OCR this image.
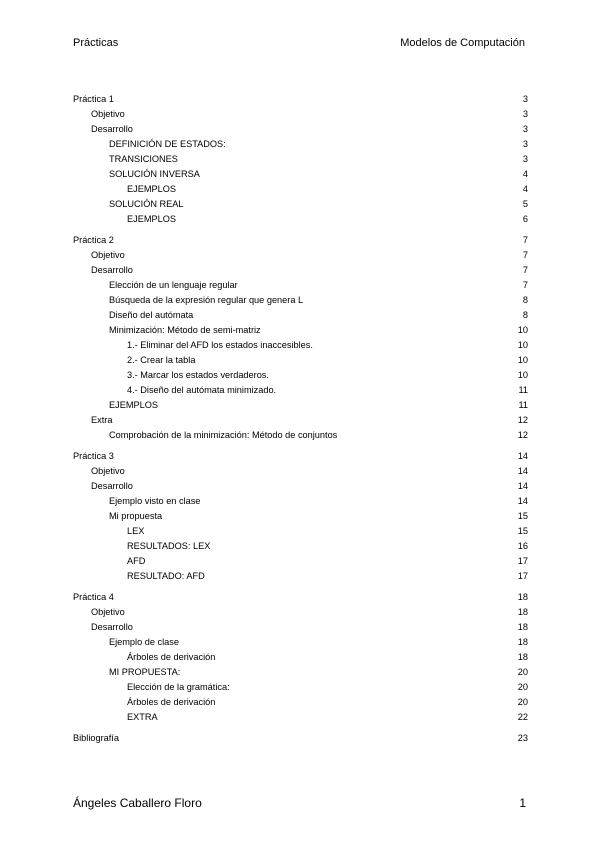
Prácticas	Modelos de Computación
Práctica 1	3
Objetivo	3
Desarrollo	3
DEFINICIÓN DE ESTADOS:	3
TRANSICIONES	3
SOLUCIÓN INVERSA	4
EJEMPLOS	4
SOLUCIÓN REAL	5
EJEMPLOS	6
Práctica 2	7
Objetivo	7
Desarrollo	7
Elección de un lenguaje regular	7
Búsqueda de la expresión regular que genera L	8
Diseño del autómata	8
Minimización: Método de semi-matriz	10
1.- Eliminar del AFD los estados inaccesibles.	10
2.- Crear la tabla	10
3.- Marcar los estados verdaderos.	10
4.- Diseño del autómata minimizado.	11
EJEMPLOS	11
Extra	12
Comprobación de la minimización: Método de conjuntos	12
Práctica 3	14
Objetivo	14
Desarrollo	14
Ejemplo visto en clase	14
Mi propuesta	15
LEX	15
RESULTADOS: LEX	16
AFD	17
RESULTADO: AFD	17
Práctica 4	18
Objetivo	18
Desarrollo	18
Ejemplo de clase	18
Árboles de derivación	18
MI PROPUESTA:	20
Elección de la gramática:	20
Árboles de derivación	20
EXTRA	22
Bibliografía	23
Ángeles Caballero Floro	1
